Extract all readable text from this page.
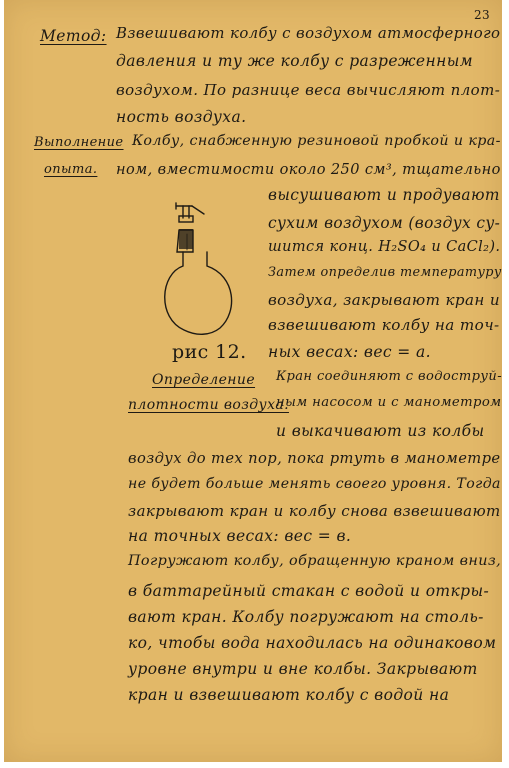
23
Метод: Взвешивают колбу с воздухом атмосферного
давления и ту же колбу с разреженным
воздухом. По разнице веса вычисляют плот-
ность воздуха.
Выполнение
опыта.
Колбу, снабженную резиновой пробкой и кра-
ном, вместимости около 250 см³, тщательно
высушивают и продувают
сухим воздухом (воздух су-
шится конц. H₂SO₄ и CaCl₂).
Затем определив температуру
воздуха, закрывают кран и
взвешивают колбу на точ-
ных весах: вес = a.
рис 12.
Определение
плотности воздуха.
Кран соединяют с водоструй-
ным насосом и с манометром
и выкачивают из колбы
воздух до тех пор, пока ртуть в манометре
не будет больше менять своего уровня. Тогда
закрывают кран и колбу снова взвешивают
на точных весах: вес = в.
Погружают колбу, обращенную краном вниз,
в баттарейный стакан с водой и откры-
вают кран. Колбу погружают на столь-
ко, чтобы вода находилась на одинаковом
уровне внутри и вне колбы. Закрывают
кран и взвешивают колбу с водой на
